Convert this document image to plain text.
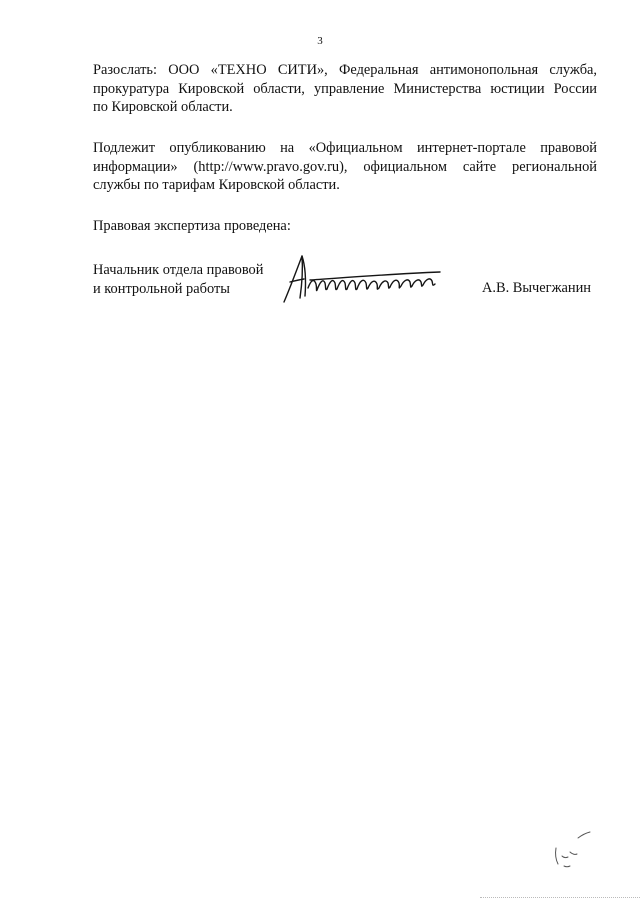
3

Разослать: ООО «ТЕХНО СИТИ», Федеральная антимонопольная служба,
прокуратура Кировской области, управление Министерства юстиции России
по Кировской области.

Подлежит опубликованию на «Официальном интернет-портале правовой
информации» (http://www.pravo.gov.ru), официальном сайте региональной
службы по тарифам Кировской области.

Правовая экспертиза проведена:

Начальник отдела правовой
и контрольной работы	А.В. Вычегжанин
